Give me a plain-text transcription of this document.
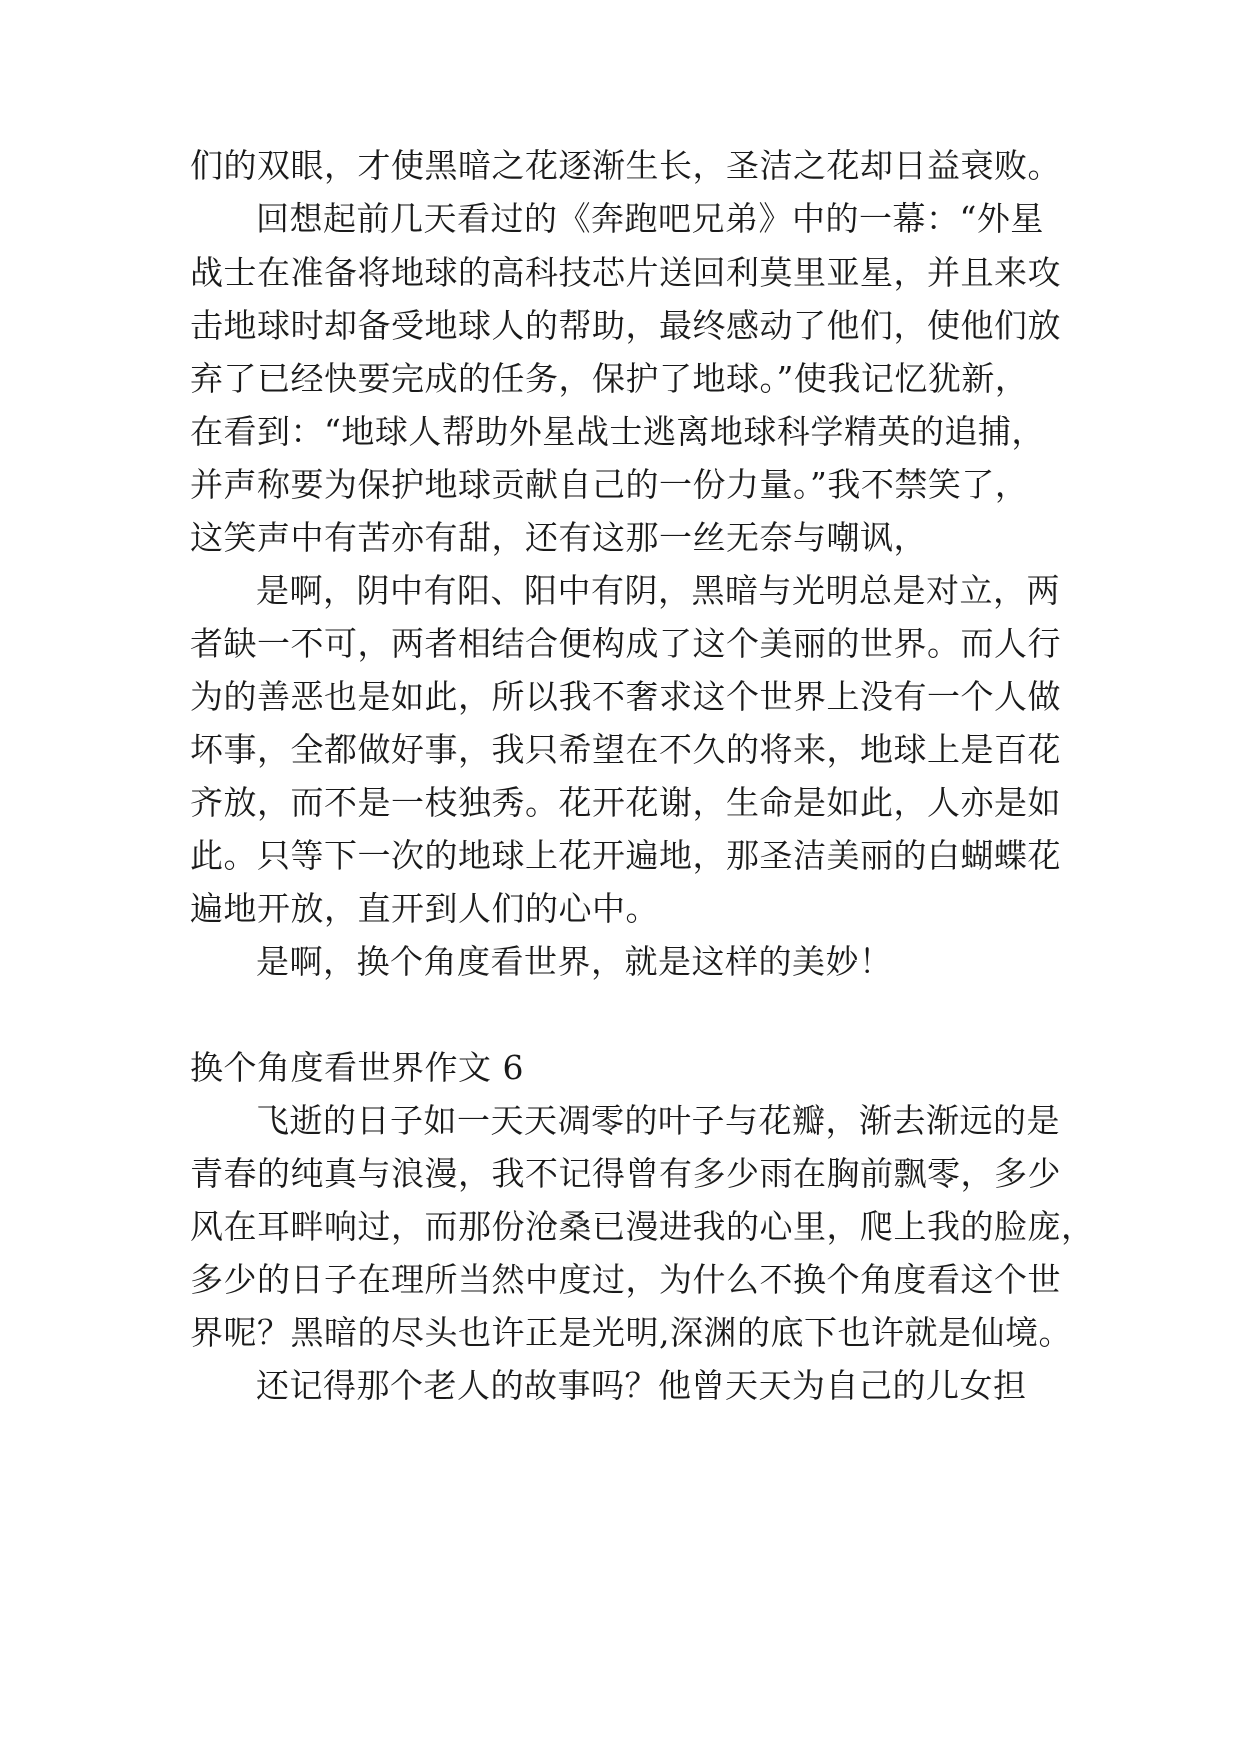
们的双眼，才使黑暗之花逐渐生长，圣洁之花却日益衰败。
回想起前几天看过的《奔跑吧兄弟》中的一幕：“外星
战士在准备将地球的高科技芯片送回利莫里亚星，并且来攻
击地球时却备受地球人的帮助，最终感动了他们，使他们放
弃了已经快要完成的任务，保护了地球。”使我记忆犹新，
在看到：“地球人帮助外星战士逃离地球科学精英的追捕，
并声称要为保护地球贡献自己的一份力量。”我不禁笑了，
这笑声中有苦亦有甜，还有这那一丝无奈与嘲讽，
是啊，阴中有阳、阳中有阴，黑暗与光明总是对立，两
者缺一不可，两者相结合便构成了这个美丽的世界。而人行
为的善恶也是如此，所以我不奢求这个世界上没有一个人做
坏事，全都做好事，我只希望在不久的将来，地球上是百花
齐放，而不是一枝独秀。花开花谢，生命是如此，人亦是如
此。只等下一次的地球上花开遍地，那圣洁美丽的白蝴蝶花
遍地开放，直开到人们的心中。
是啊，换个角度看世界，就是这样的美妙！
换个角度看世界作文 6
飞逝的日子如一天天凋零的叶子与花瓣，渐去渐远的是
青春的纯真与浪漫，我不记得曾有多少雨在胸前飘零，多少
风在耳畔响过，而那份沧桑已漫进我的心里，爬上我的脸庞，
多少的日子在理所当然中度过，为什么不换个角度看这个世
界呢？黑暗的尽头也许正是光明,深渊的底下也许就是仙境。
还记得那个老人的故事吗？他曾天天为自己的儿女担
